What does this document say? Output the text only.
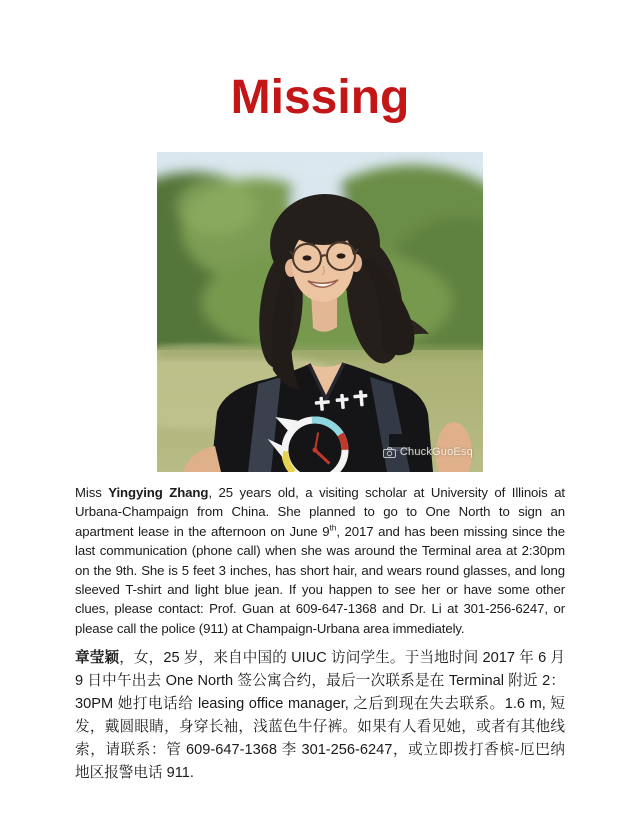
Missing
ChuckGuoEsq

Miss Yingying Zhang, 25 years old, a visiting scholar at University of Illinois at Urbana-Champaign from China. She planned to go to One North to sign an apartment lease in the afternoon on June 9th, 2017 and has been missing since the last communication (phone call) when she was around the Terminal area at 2:30pm on the 9th. She is 5 feet 3 inches, has short hair, and wears round glasses, and long sleeved T-shirt and light blue jean. If you happen to see her or have some other clues, please contact: Prof. Guan at 609-647-1368 and Dr. Li at 301-256-6247, or please call the police (911) at Champaign-Urbana area immediately.

章莹颖，女，25 岁，来自中国的 UIUC 访问学生。于当地时间 2017 年 6 月 9 日中午出去 One North 签公寓合约，最后一次联系是在 Terminal 附近 2：30PM 她打电话给 leasing office manager, 之后到现在失去联系。1.6 m, 短发，戴圆眼睛，身穿长袖，浅蓝色牛仔裤。如果有人看见她，或者有其他线索，请联系：管 609-647-1368 李 301-256-6247，或立即拨打香槟-厄巴纳地区报警电话 911.
